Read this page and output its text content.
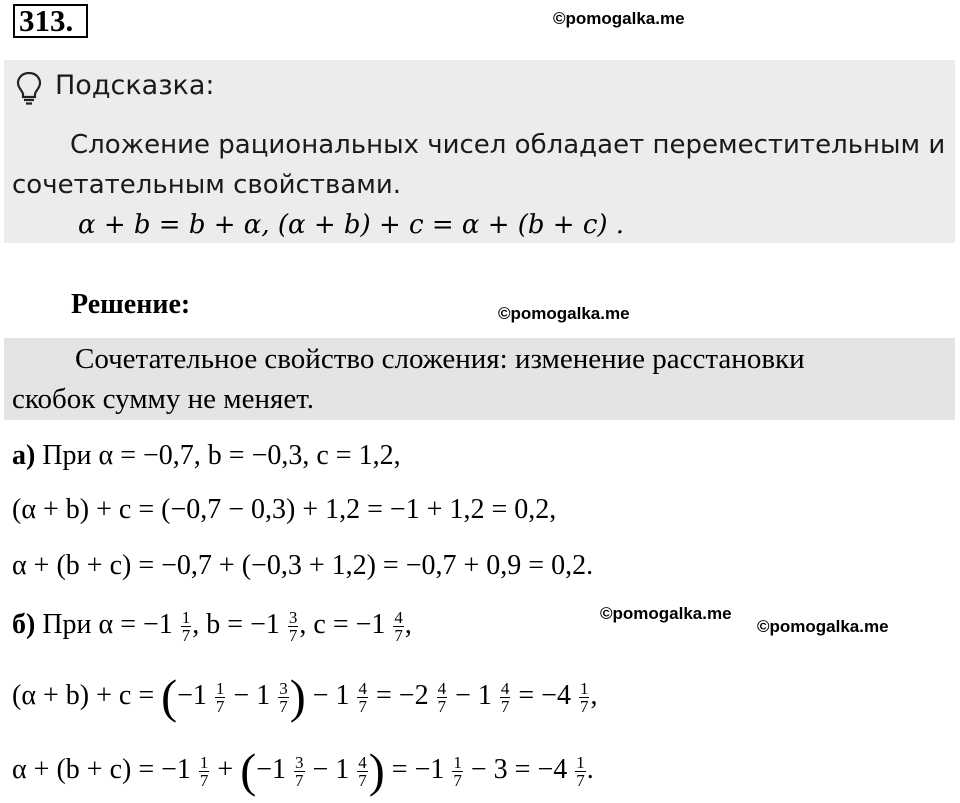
313.	©pomogalka.me
Подсказка:
Сложение рациональных чисел обладает переместительным и
сочетательным свойствами.
α + b = b + α, (α + b) + c = α + (b + c) .
Решение:	©pomogalka.me
Сочетательное свойство сложения: изменение расстановки
скобок сумму не меняет.
а) При α = −0,7, b = −0,3, c = 1,2,
(α + b) + c = (−0,7 − 0,3) + 1,2 = −1 + 1,2 = 0,2,
α + (b + c) = −0,7 + (−0,3 + 1,2) = −0,7 + 0,9 = 0,2.
б) При $\alpha = -1 \frac{1}{7}$ , $b = -1 \frac{3}{7}$ , $c = -1 \frac{4}{7}$ ,	©pomogalka.me
©pomogalka.me
$(\alpha + b) + c = (-1 \frac{1}{7} - 1 \frac{3}{7}$ ) − $1 \frac{4}{7} = -2 \frac{4}{7} - 1 \frac{4}{7} = -4 \frac{1}{7}$ ,
$\alpha + (b + c) = -1 \frac{1}{7} + (-1 \frac{3}{7} - 1 \frac{4}{7}$ ) = $-1 \frac{1}{7} - 3 = -4 \frac{1}{7}$ .
